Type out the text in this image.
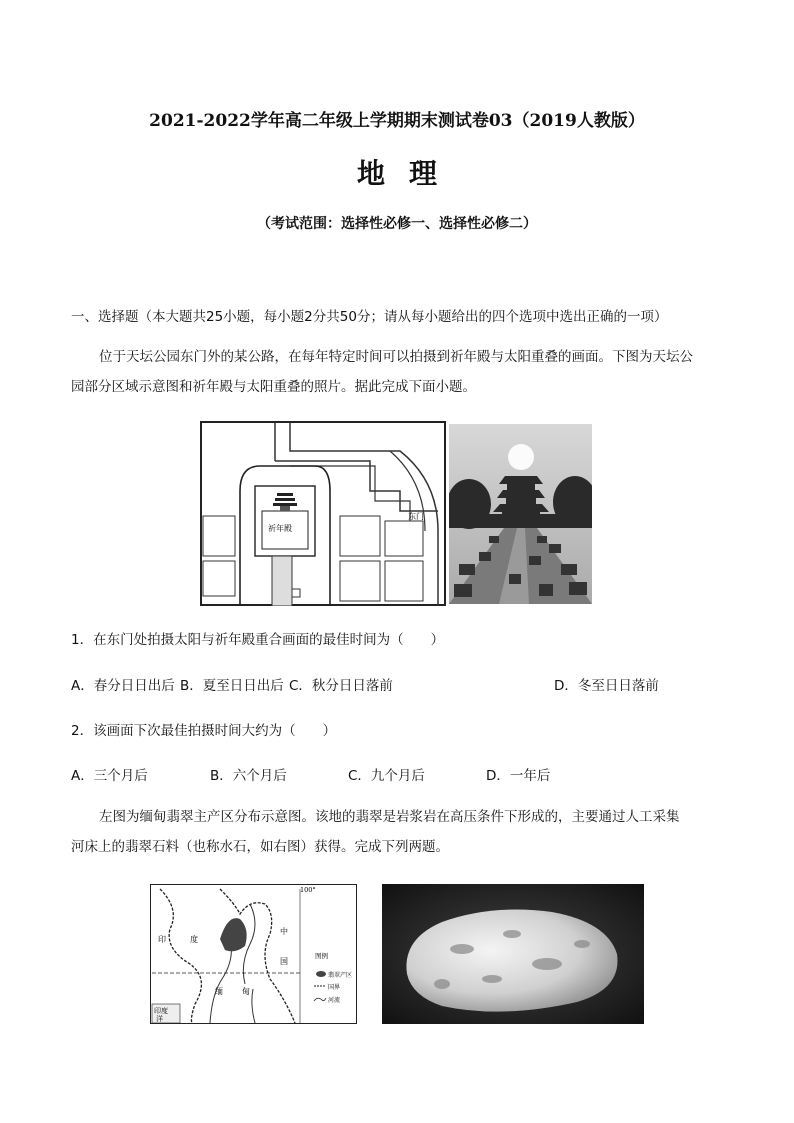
2021-2022学年高二年级上学期期末测试卷03（2019人教版）
地 理
（考试范围：选择性必修一、选择性必修二）
一、选择题（本大题共25小题，每小题2分共50分；请从每小题给出的四个选项中选出正确的一项）
位于天坛公园东门外的某公路，在每年特定时间可以拍摄到祈年殿与太阳重叠的画面。下图为天坛公
园部分区域示意图和祈年殿与太阳重叠的照片。据此完成下面小题。
祈年殿
东门
1．在东门处拍摄太阳与祈年殿重合画面的最佳时间为（　　）
A．春分日日出后 B．夏至日日出后 C．秋分日日落前	D．冬至日日落前
2．该画面下次最佳拍摄时间大约为（　　）
A．三个月后	B．六个月后	C．九个月后	D．一年后
左图为缅甸翡翠主产区分布示意图。该地的翡翠是岩浆岩在高压条件下形成的，主要通过人工采集
河床上的翡翠石料（也称水石，如右图）获得。完成下列两题。
100°
印	度
中
国
缅 甸
印度
洋
图例
翡翠产区
国界
河流
